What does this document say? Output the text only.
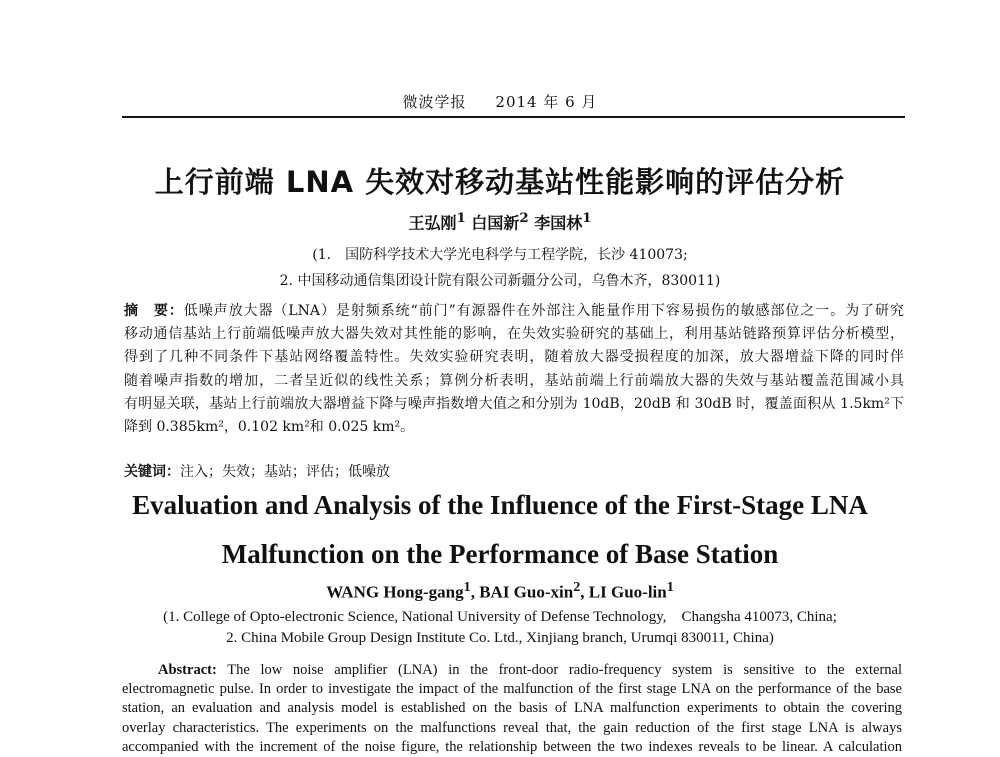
微波学报 2014 年 6 月
上行前端 LNA 失效对移动基站性能影响的评估分析
王弘刚$^1$ 白国新$^2$ 李国林$^1$
(1.　国防科学技术大学光电科学与工程学院，长沙 410073;
2. 中国移动通信集团设计院有限公司新疆分公司，乌鲁木齐，830011)
摘　要：低噪声放大器（LNA）是射频系统“前门”有源器件在外部注入能量作用下容易损伤的敏感部位之一。为了研究
移动通信基站上行前端低噪声放大器失效对其性能的影响，在失效实验研究的基础上，利用基站链路预算评估分析模型，
得到了几种不同条件下基站网络覆盖特性。失效实验研究表明，随着放大器受损程度的加深，放大器增益下降的同时伴
随着噪声指数的增加，二者呈近似的线性关系；算例分析表明，基站前端上行前端放大器的失效与基站覆盖范围减小具
有明显关联，基站上行前端放大器增益下降与噪声指数增大值之和分别为 10dB，20dB 和 30dB 时，覆盖面积从 1.5km²下
降到 0.385km²，0.102 km²和 0.025 km²。
关键词：注入；失效；基站；评估；低噪放
Evaluation and Analysis of the Influence of the First-Stage LNA
Malfunction on the Performance of Base Station
WANG Hong-gang$^1$, BAI Guo-xin$^2$, LI Guo-lin$^1$
(1. College of Opto-electronic Science, National University of Defense Technology,　Changsha 410073, China;
2. China Mobile Group Design Institute Co. Ltd., Xinjiang branch, Urumqi 830011, China)
Abstract: The low noise amplifier (LNA) in the front-door radio-frequency system is sensitive to the external
electromagnetic pulse. In order to investigate the impact of the malfunction of the first stage LNA on the performance of the base
station, an evaluation and analysis model is established on the basis of LNA malfunction experiments to obtain the covering
overlay characteristics. The experiments on the malfunctions reveal that, the gain reduction of the first stage LNA is always
accompanied with the increment of the noise figure, the relationship between the two indexes reveals to be linear. A calculation
